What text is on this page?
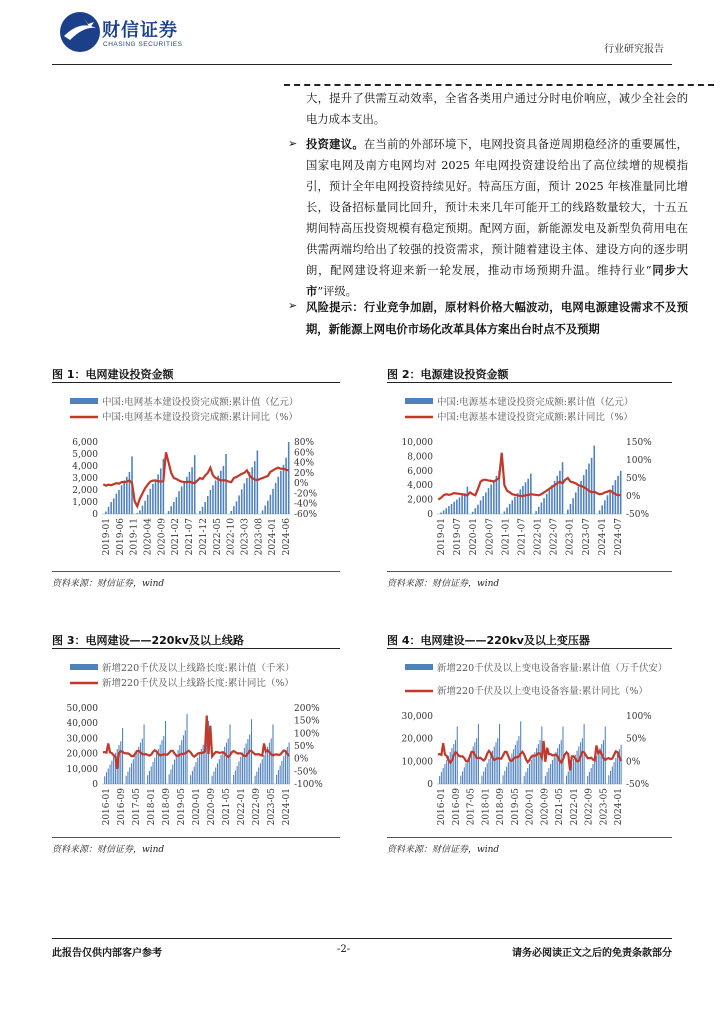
财信证券
CHASING SECURITIES	行业研究报告
大，提升了供需互动效率，全省各类用户通过分时电价响应，减少全社会的电力成本支出。
➢ 投资建议。在当前的外部环境下，电网投资具备逆周期稳经济的重要属性，国家电网及南方电网均对 2025 年电网投资建设给出了高位续增的规模指引，预计全年电网投资持续见好。特高压方面，预计 2025 年核准量同比增长，设备招标量同比回升，预计未来几年可能开工的线路数量较大，十五五期间特高压投资规模有稳定预期。配网方面，新能源发电及新型负荷用电在供需两端均给出了较强的投资需求，预计随着建设主体、建设方向的逐步明朗，配网建设将迎来新一轮发展，推动市场预期升温。维持行业“同步大市”评级。
➢ 风险提示：行业竞争加剧，原材料价格大幅波动，电网电源建设需求不及预期，新能源上网电价市场化改革具体方案出台时点不及预期
图 1：电网建设投资金额	图 2：电源建设投资金额
中国:电网基本建设投资完成额:累计值（亿元）
中国:电网基本建设投资完成额:累计同比（%）
6,000
5,000
4,000
3,000
2,000
1,000
0
80%
60%
40%
20%
0%
-20%
-40%
-60%
2019-01 2019-06 2019-11 2020-04 2020-09 2021-02 2021-07 2021-12 2022-05 2022-10 2023-03 2023-08 2024-01 2024-06
中国:电源基本建设投资完成额:累计值（亿元）
中国:电源基本建设投资完成额:累计同比（%）
10,000
8,000
6,000
4,000
2,000
0
150%
100%
50%
0%
-50%
2019-01 2019-07 2020-01 2020-07 2021-01 2021-07 2022-01 2022-07 2023-01 2023-07 2024-01 2024-07
资料来源：财信证券，wind	资料来源：财信证券，wind
图 3：电网建设——220kv及以上线路	图 4：电网建设——220kv及以上变压器
新增220千伏及以上线路长度:累计值（千米）
新增220千伏及以上线路长度:累计同比（%）
50,000
40,000
30,000
20,000
10,000
0
200%
150%
100%
50%
0%
-50%
-100%
2016-01 2016-09 2017-05 2018-01 2018-09 2019-05 2020-01 2020-09 2021-05 2022-01 2022-09 2023-05 2024-01
新增220千伏及以上变电设备容量:累计值（万千伏安）
新增220千伏及以上变电设备容量:累计同比（%）
30,000
20,000
10,000
0
100%
50%
0%
-50%
2016-01 2016-09 2017-05 2018-01 2018-09 2019-05 2020-01 2020-09 2021-05 2022-01 2022-09 2023-05 2024-01
资料来源：财信证券，wind	资料来源：财信证券，wind
此报告仅供内部客户参考	-2-	请务必阅读正文之后的免责条款部分
